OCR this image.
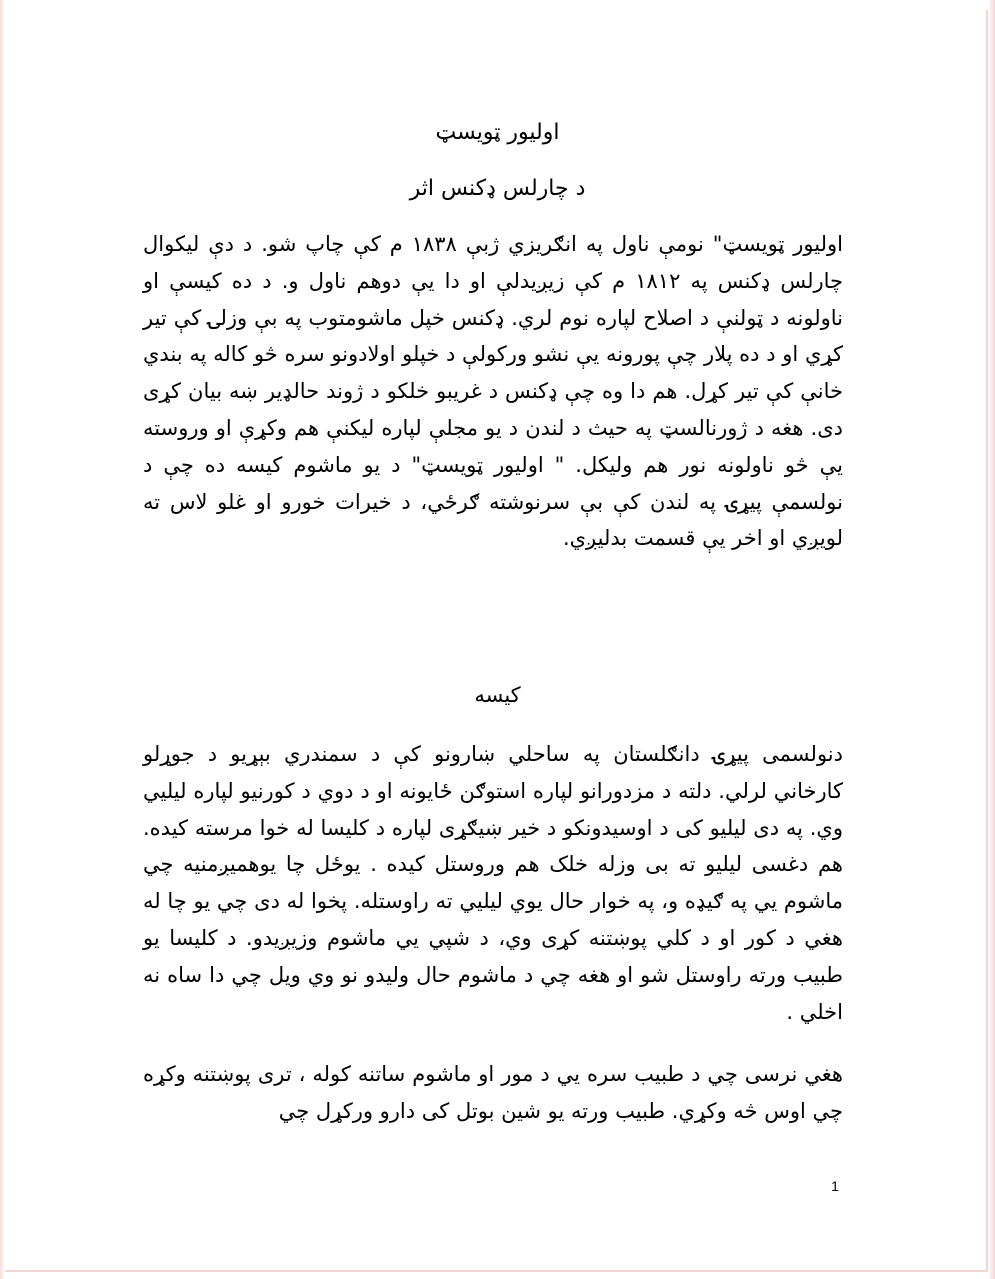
اولیور ټویسټ
د چارلس ډکنس اثر

اولیور ټویسټ" نومې ناول په انګریزي ژبې ۱۸۳۸ م کې چاپ شو. د دې لیکوال چارلس ډکنس په ۱۸۱۲ م کې زیږیدلې او دا یې دوهم ناول و. د ده کیسې او ناولونه د ټولنې د اصلاح لپاره نوم لري. ډکنس خپل ماشومتوب په بې وزلۍ کې تیر کړي او د ده پلار چې پورونه یې نشو ورکولې د خپلو اولادونو سره څو کاله په بندي خانې کې تیر کړل. هم دا وه چې ډکنس د غریبو خلکو د ژوند حالډیر ښه بیان کړی دی. هغه د ژورنالسټ په حیث د لندن د یو مجلې لپاره لیکنې هم وکړې او وروسته یې څو ناولونه نور هم ولیکل. " اولیور ټویسټ" د یو ماشوم کیسه ده چې د نولسمې پیړۍ په لندن کې بې سرنوشته ګرځي، د خیرات خورو او غلو لاس ته لویږي او اخر یې قسمت بدلیږي.

کیسه

دنولسمی پیړۍ دانګلستان په ساحلي ښارونو کې د سمندري بېړیو د جوړلو کارخاني لرلي. دلته د مزدورانو لپاره استوګن ځایونه او د دوي د کورنیو لپاره لیلیي وي. په دی لیلیو کی د اوسیدونکو د خیر ښیګړی لپاره د کلیسا له خوا مرسته کیده. هم دغسی لیلیو ته بی وزله خلک هم وروستل کیده . یوځل چا یوهمیږمنیه چي ماشوم یي په ګیډه و، په خوار حال یوي لیلیي ته راوستله. پخوا له دی چي یو چا له هغي د کور او د کلي پوښتنه کړی وي، د شپي یي ماشوم وزیږیدو. د کلیسا یو طبیب ورته راوستل شو او هغه چي د ماشوم حال ولیدو نو وي ویل چي دا ساه نه اخلي .

هغي نرسی چي د طبیب سره یي د مور او ماشوم ساتنه کوله ، تری پوښتنه وکړه چي اوس څه وکړي. طبیب ورته یو شین بوتل کی دارو ورکړل چي

1
